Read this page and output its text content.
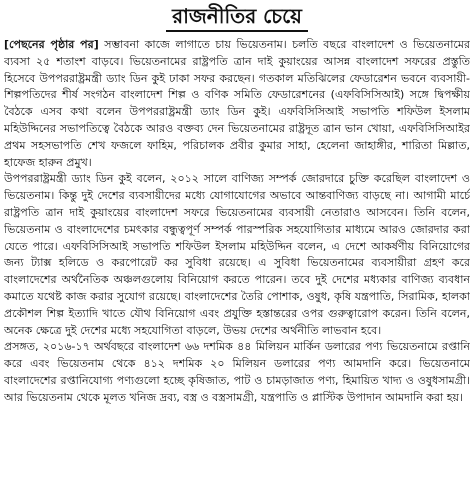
রাজনীতির চেয়ে

[পেছনের পৃষ্ঠার পর] সম্ভাবনা কাজে লাগাতে চায় ভিয়েতনাম। চলতি বছরে বাংলাদেশ ও ভিয়েতনামের ব্যবসা ২৫ শতাংশ বাড়বে। ভিয়েতনামের রাষ্ট্রপতি ত্রান দাই কুয়াংয়ের আসন্ন বাংলাদেশ সফরের প্রস্তুতি হিসেবে উপপররাষ্ট্রমন্ত্রী ড্যাং ডিন কুই ঢাকা সফর করছেন। গতকাল মতিঝিলের ফেডারেশন ভবনে ব্যবসায়ী-শিল্পপতিদের শীর্ষ সংগঠন বাংলাদেশ শিল্প ও বণিক সমিতি ফেডারেশনের (এফবিসিসিআই) সঙ্গে দ্বিপক্ষীয় বৈঠকে এসব কথা বলেন উপপররাষ্ট্রমন্ত্রী ড্যাং ডিন কুই। এফবিসিসিআই সভাপতি শফিউল ইসলাম মহিউদ্দিনের সভাপতিত্বে বৈঠকে আরও বক্তব্য দেন ভিয়েতনামের রাষ্ট্রদূত ত্রান ভান খোয়া, এফবিসিসিআইর প্রথম সহসভাপতি শেখ ফজলে ফাহিম, পরিচালক প্রবীর কুমার সাহা, হেলেনা জাহাঙ্গীর, শারিতা মিল্লাত, হাফেজ হারুন প্রমুখ।

উপপররাষ্ট্রমন্ত্রী ড্যাং ডিন কুই বলেন, ২০১২ সালে বাণিজ্য সম্পর্ক জোরদারে চুক্তি করেছিল বাংলাদেশ ও ভিয়েতনাম। কিন্তু দুই দেশের ব্যবসায়ীদের মধ্যে যোগাযোগের অভাবে আন্তবাণিজ্য বাড়ছে না। আগামী মার্চে রাষ্ট্রপতি ত্রান দাই কুয়াংয়ের বাংলাদেশ সফরে ভিয়েতনামের ব্যবসায়ী নেতারাও আসবেন। তিনি বলেন, ভিয়েতনাম ও বাংলাদেশের চমৎকার বন্ধুত্বপূর্ণ সম্পর্ক পারস্পরিক সহযোগিতার মাধ্যমে আরও জোরদার করা যেতে পারে। এফবিসিসিআই সভাপতি শফিউল ইসলাম মহিউদ্দিন বলেন, এ দেশে আকর্ষণীয় বিনিয়োগের জন্য ট্যাক্স হলিডে ও করপোরেট কর সুবিধা রয়েছে। এ সুবিধা ভিয়েতনামের ব্যবসায়ীরা গ্রহণ করে বাংলাদেশের অর্থনৈতিক অঞ্চলগুলোয় বিনিয়োগ করতে পারেন। তবে দুই দেশের মধ্যকার বাণিজ্য ব্যবধান কমাতে যথেষ্ট কাজ করার সুযোগ রয়েছে। বাংলাদেশের তৈরি পোশাক, ওষুধ, কৃষি যন্ত্রপাতি, সিরামিক, হালকা প্রকৌশল শিল্প ইত্যাদি খাতে যৌথ বিনিয়োগ এবং প্রযুক্তি হস্তান্তরের ওপর গুরুত্বারোপ করেন। তিনি বলেন, অনেক ক্ষেত্রে দুই দেশের মধ্যে সহযোগিতা বাড়লে, উভয় দেশের অর্থনীতি লাভবান হবে।

প্রসঙ্গত, ২০১৬-১৭ অর্থবছরে বাংলাদেশ ৬৬ দশমিক ৪৪ মিলিয়ন মার্কিন ডলারের পণ্য ভিয়েতনামে রপ্তানি করে এবং ভিয়েতনাম থেকে ৪১২ দশমিক ২০ মিলিয়ন ডলারের পণ্য আমদানি করে। ভিয়েতনামে বাংলাদেশের রপ্তানিযোগ্য পণ্যগুলো হচ্ছে কৃষিজাত, পাট ও চামড়াজাত পণ্য, হিমায়িত খাদ্য ও ওষুধসামগ্রী। আর ভিয়েতনাম থেকে মূলত খনিজ দ্রব্য, বস্ত্র ও বস্ত্রসামগ্রী, যন্ত্রপাতি ও প্লাস্টিক উপাদান আমদানি করা হয়।
